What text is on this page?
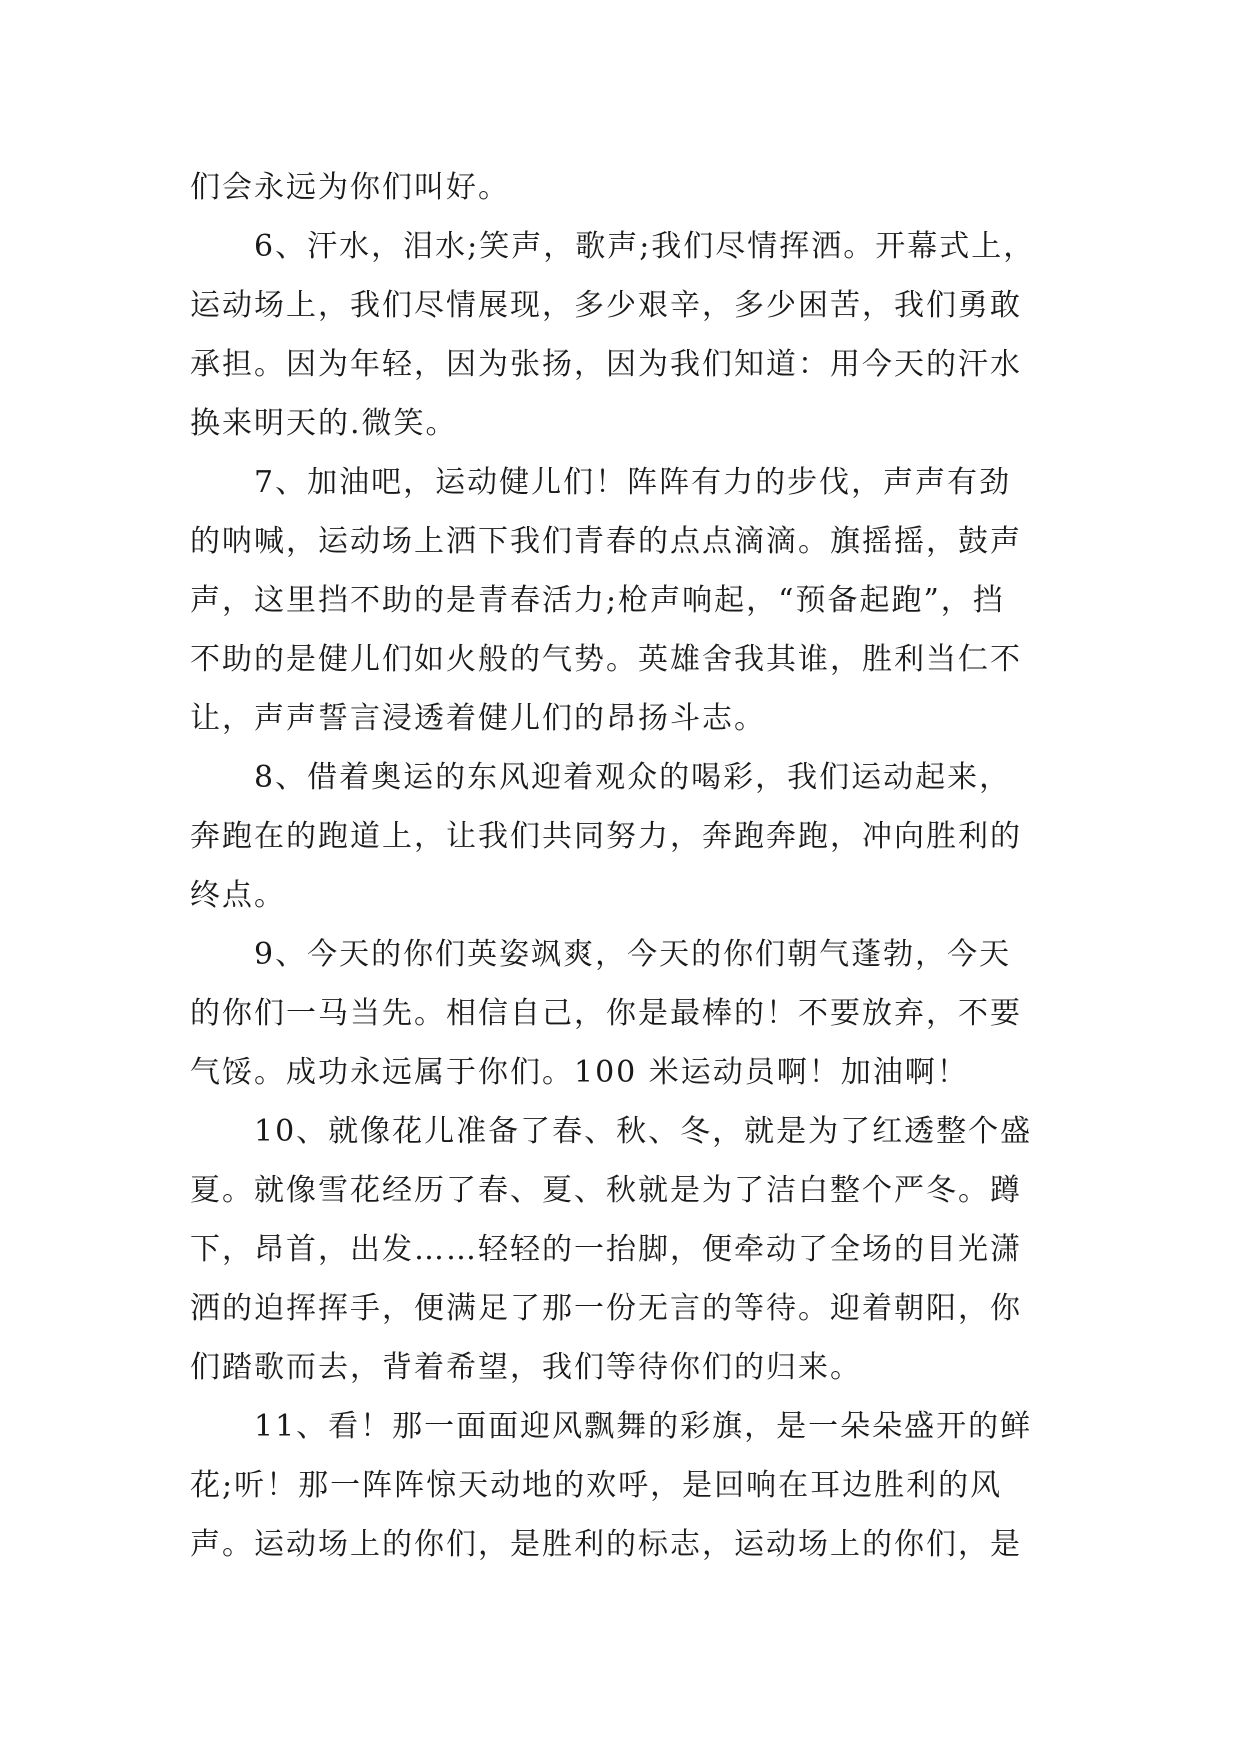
们会永远为你们叫好。
6、汗水，泪水;笑声，歌声;我们尽情挥洒。开幕式上，
运动场上，我们尽情展现，多少艰辛，多少困苦，我们勇敢
承担。因为年轻，因为张扬，因为我们知道：用今天的汗水
换来明天的.微笑。
7、加油吧，运动健儿们！阵阵有力的步伐，声声有劲
的呐喊，运动场上洒下我们青春的点点滴滴。旗摇摇，鼓声
声，这里挡不助的是青春活力;枪声响起，“预备起跑”，挡
不助的是健儿们如火般的气势。英雄舍我其谁，胜利当仁不
让，声声誓言浸透着健儿们的昂扬斗志。
8、借着奥运的东风迎着观众的喝彩，我们运动起来，
奔跑在的跑道上，让我们共同努力，奔跑奔跑，冲向胜利的
终点。
9、今天的你们英姿飒爽，今天的你们朝气蓬勃，今天
的你们一马当先。相信自己，你是最棒的！不要放弃，不要
气馁。成功永远属于你们。100 米运动员啊！加油啊！
10、就像花儿准备了春、秋、冬，就是为了红透整个盛
夏。就像雪花经历了春、夏、秋就是为了洁白整个严冬。蹲
下，昂首，出发……轻轻的一抬脚，便牵动了全场的目光潇
洒的迫挥挥手，便满足了那一份无言的等待。迎着朝阳，你
们踏歌而去，背着希望，我们等待你们的归来。
11、看！那一面面迎风飘舞的彩旗，是一朵朵盛开的鲜
花;听！那一阵阵惊天动地的欢呼，是回响在耳边胜利的风
声。运动场上的你们，是胜利的标志，运动场上的你们，是
